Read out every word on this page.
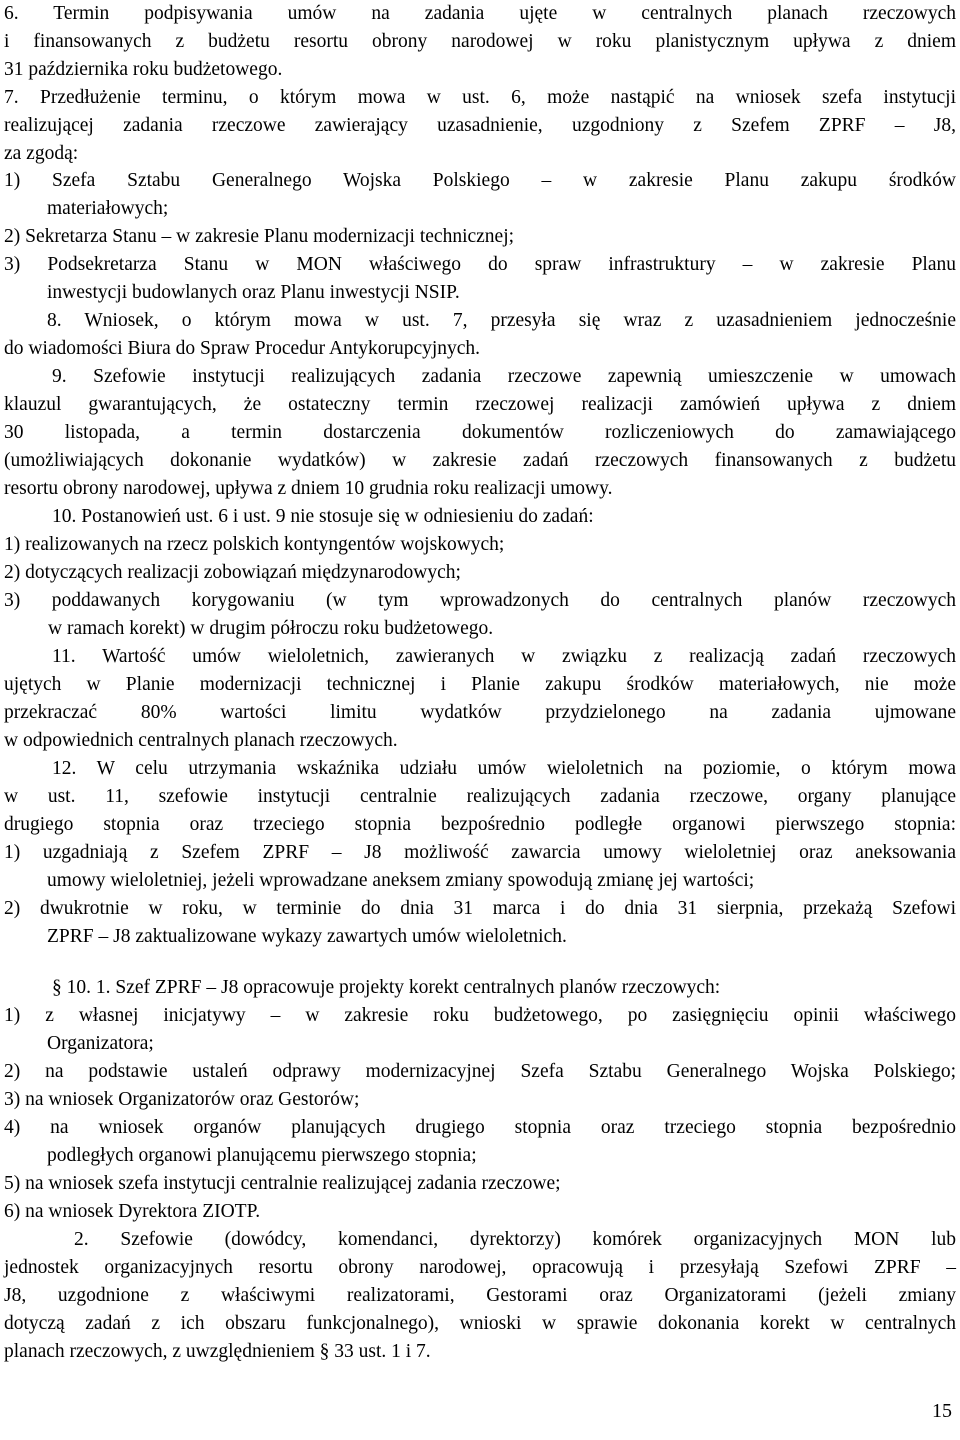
6. Termin podpisywania umów na zadania ujęte w centralnych planach rzeczowych
i finansowanych z budżetu resortu obrony narodowej w roku planistycznym upływa z dniem
31 października roku budżetowego.
7. Przedłużenie terminu, o którym mowa w ust. 6, może nastąpić na wniosek szefa instytucji
realizującej zadania rzeczowe zawierający uzasadnienie, uzgodniony z Szefem ZPRF – J8,
za zgodą:
1) Szefa Sztabu Generalnego Wojska Polskiego – w zakresie Planu zakupu środków
materiałowych;
2) Sekretarza Stanu – w zakresie Planu modernizacji technicznej;
3) Podsekretarza Stanu w MON właściwego do spraw infrastruktury – w zakresie Planu
inwestycji budowlanych oraz Planu inwestycji NSIP.
8. Wniosek, o którym mowa w ust. 7, przesyła się wraz z uzasadnieniem jednocześnie
do wiadomości Biura do Spraw Procedur Antykorupcyjnych.
9. Szefowie instytucji realizujących zadania rzeczowe zapewnią umieszczenie w umowach
klauzul gwarantujących, że ostateczny termin rzeczowej realizacji zamówień upływa z dniem
30 listopada, a termin dostarczenia dokumentów rozliczeniowych do zamawiającego
(umożliwiających dokonanie wydatków) w zakresie zadań rzeczowych finansowanych z budżetu
resortu obrony narodowej, upływa z dniem 10 grudnia roku realizacji umowy.
10. Postanowień ust. 6 i ust. 9 nie stosuje się w odniesieniu do zadań:
1) realizowanych na rzecz polskich kontyngentów wojskowych;
2) dotyczących realizacji zobowiązań międzynarodowych;
3) poddawanych korygowaniu (w tym wprowadzonych do centralnych planów rzeczowych
w ramach korekt) w drugim półroczu roku budżetowego.
11. Wartość umów wieloletnich, zawieranych w związku z realizacją zadań rzeczowych
ujętych w Planie modernizacji technicznej i Planie zakupu środków materiałowych, nie może
przekraczać 80% wartości limitu wydatków przydzielonego na zadania ujmowane
w odpowiednich centralnych planach rzeczowych.
12. W celu utrzymania wskaźnika udziału umów wieloletnich na poziomie, o którym mowa
w ust. 11, szefowie instytucji centralnie realizujących zadania rzeczowe, organy planujące
drugiego stopnia oraz trzeciego stopnia bezpośrednio podległe organowi pierwszego stopnia:
1) uzgadniają z Szefem ZPRF – J8 możliwość zawarcia umowy wieloletniej oraz aneksowania
umowy wieloletniej, jeżeli wprowadzane aneksem zmiany spowodują zmianę jej wartości;
2) dwukrotnie w roku, w terminie do dnia 31 marca i do dnia 31 sierpnia, przekażą Szefowi
ZPRF – J8 zaktualizowane wykazy zawartych umów wieloletnich.
§ 10. 1. Szef ZPRF – J8 opracowuje projekty korekt centralnych planów rzeczowych:
1) z własnej inicjatywy – w zakresie roku budżetowego, po zasięgnięciu opinii właściwego
Organizatora;
2) na podstawie ustaleń odprawy modernizacyjnej Szefa Sztabu Generalnego Wojska Polskiego;
3) na wniosek Organizatorów oraz Gestorów;
4) na wniosek organów planujących drugiego stopnia oraz trzeciego stopnia bezpośrednio
podległych organowi planującemu pierwszego stopnia;
5) na wniosek szefa instytucji centralnie realizującej zadania rzeczowe;
6) na wniosek Dyrektora ZIOTP.
2. Szefowie (dowódcy, komendanci, dyrektorzy) komórek organizacyjnych MON lub
jednostek organizacyjnych resortu obrony narodowej, opracowują i przesyłają Szefowi ZPRF –
J8, uzgodnione z właściwymi realizatorami, Gestorami oraz Organizatorami (jeżeli zmiany
dotyczą zadań z ich obszaru funkcjonalnego), wnioski w sprawie dokonania korekt w centralnych
planach rzeczowych, z uwzględnieniem § 33 ust. 1 i 7.
15
